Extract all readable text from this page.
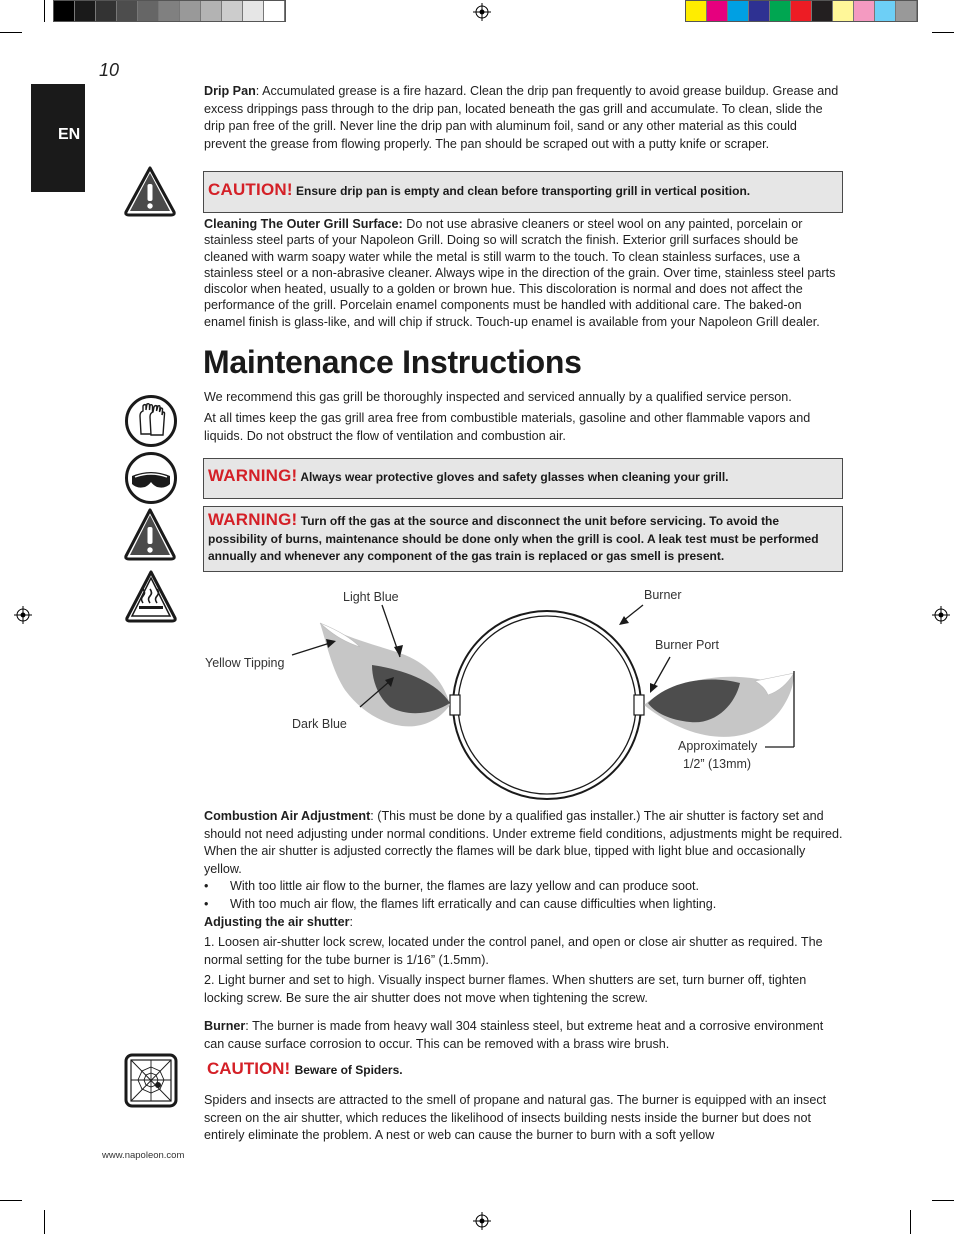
10
EN
Drip Pan: Accumulated grease is a fire hazard. Clean the drip pan frequently to avoid grease buildup. Grease and excess drippings pass through to the drip pan, located beneath the gas grill and accumulate. To clean, slide the drip pan free of the grill. Never line the drip pan with aluminum foil, sand or any other material as this could prevent the grease from flowing properly. The pan should be scraped out with a putty knife or scraper.
CAUTION! Ensure drip pan is empty and clean before transporting grill in vertical position.
Cleaning The Outer Grill Surface: Do not use abrasive cleaners or steel wool on any painted, porcelain or stainless steel parts of your Napoleon Grill. Doing so will scratch the finish. Exterior grill surfaces should be cleaned with warm soapy water while the metal is still warm to the touch. To clean stainless surfaces, use a stainless steel or a non-abrasive cleaner. Always wipe in the direction of the grain. Over time, stainless steel parts discolor when heated, usually to a golden or brown hue. This discoloration is normal and does not affect the performance of the grill. Porcelain enamel components must be handled with additional care. The baked-on enamel finish is glass-like, and will chip if struck. Touch-up enamel is available from your Napoleon Grill dealer.
Maintenance Instructions
We recommend this gas grill be thoroughly inspected and serviced annually by a qualified service person.
At all times keep the gas grill area free from combustible materials, gasoline and other flammable vapors and liquids. Do not obstruct the flow of ventilation and combustion air.
WARNING! Always wear protective gloves and safety glasses when cleaning your grill.
WARNING! Turn off the gas at the source and disconnect the unit before servicing. To avoid the possibility of burns, maintenance should be done only when the grill is cool. A leak test must be performed annually and whenever any component of the gas train is replaced or gas smell is present.
Light Blue	Burner
Burner Port
Yellow Tipping
Dark Blue
Approximately
1/2” (13mm)
Combustion Air Adjustment: (This must be done by a qualified gas installer.) The air shutter is factory set and should not need adjusting under normal conditions. Under extreme field conditions, adjustments might be required. When the air shutter is adjusted correctly the flames will be dark blue, tipped with light blue and occasionally yellow.
• With too little air flow to the burner, the flames are lazy yellow and can produce soot.
• With too much air flow, the flames lift erratically and can cause difficulties when lighting.
Adjusting the air shutter:
1. Loosen air-shutter lock screw, located under the control panel, and open or close air shutter as required. The normal setting for the tube burner is 1/16” (1.5mm).
2. Light burner and set to high. Visually inspect burner flames. When shutters are set, turn burner off, tighten locking screw. Be sure the air shutter does not move when tightening the screw.
Burner: The burner is made from heavy wall 304 stainless steel, but extreme heat and a corrosive environment can cause surface corrosion to occur. This can be removed with a brass wire brush.
CAUTION! Beware of Spiders.
Spiders and insects are attracted to the smell of propane and natural gas. The burner is equipped with an insect screen on the air shutter, which reduces the likelihood of insects building nests inside the burner but does not entirely eliminate the problem. A nest or web can cause the burner to burn with a soft yellow
www.napoleon.com
